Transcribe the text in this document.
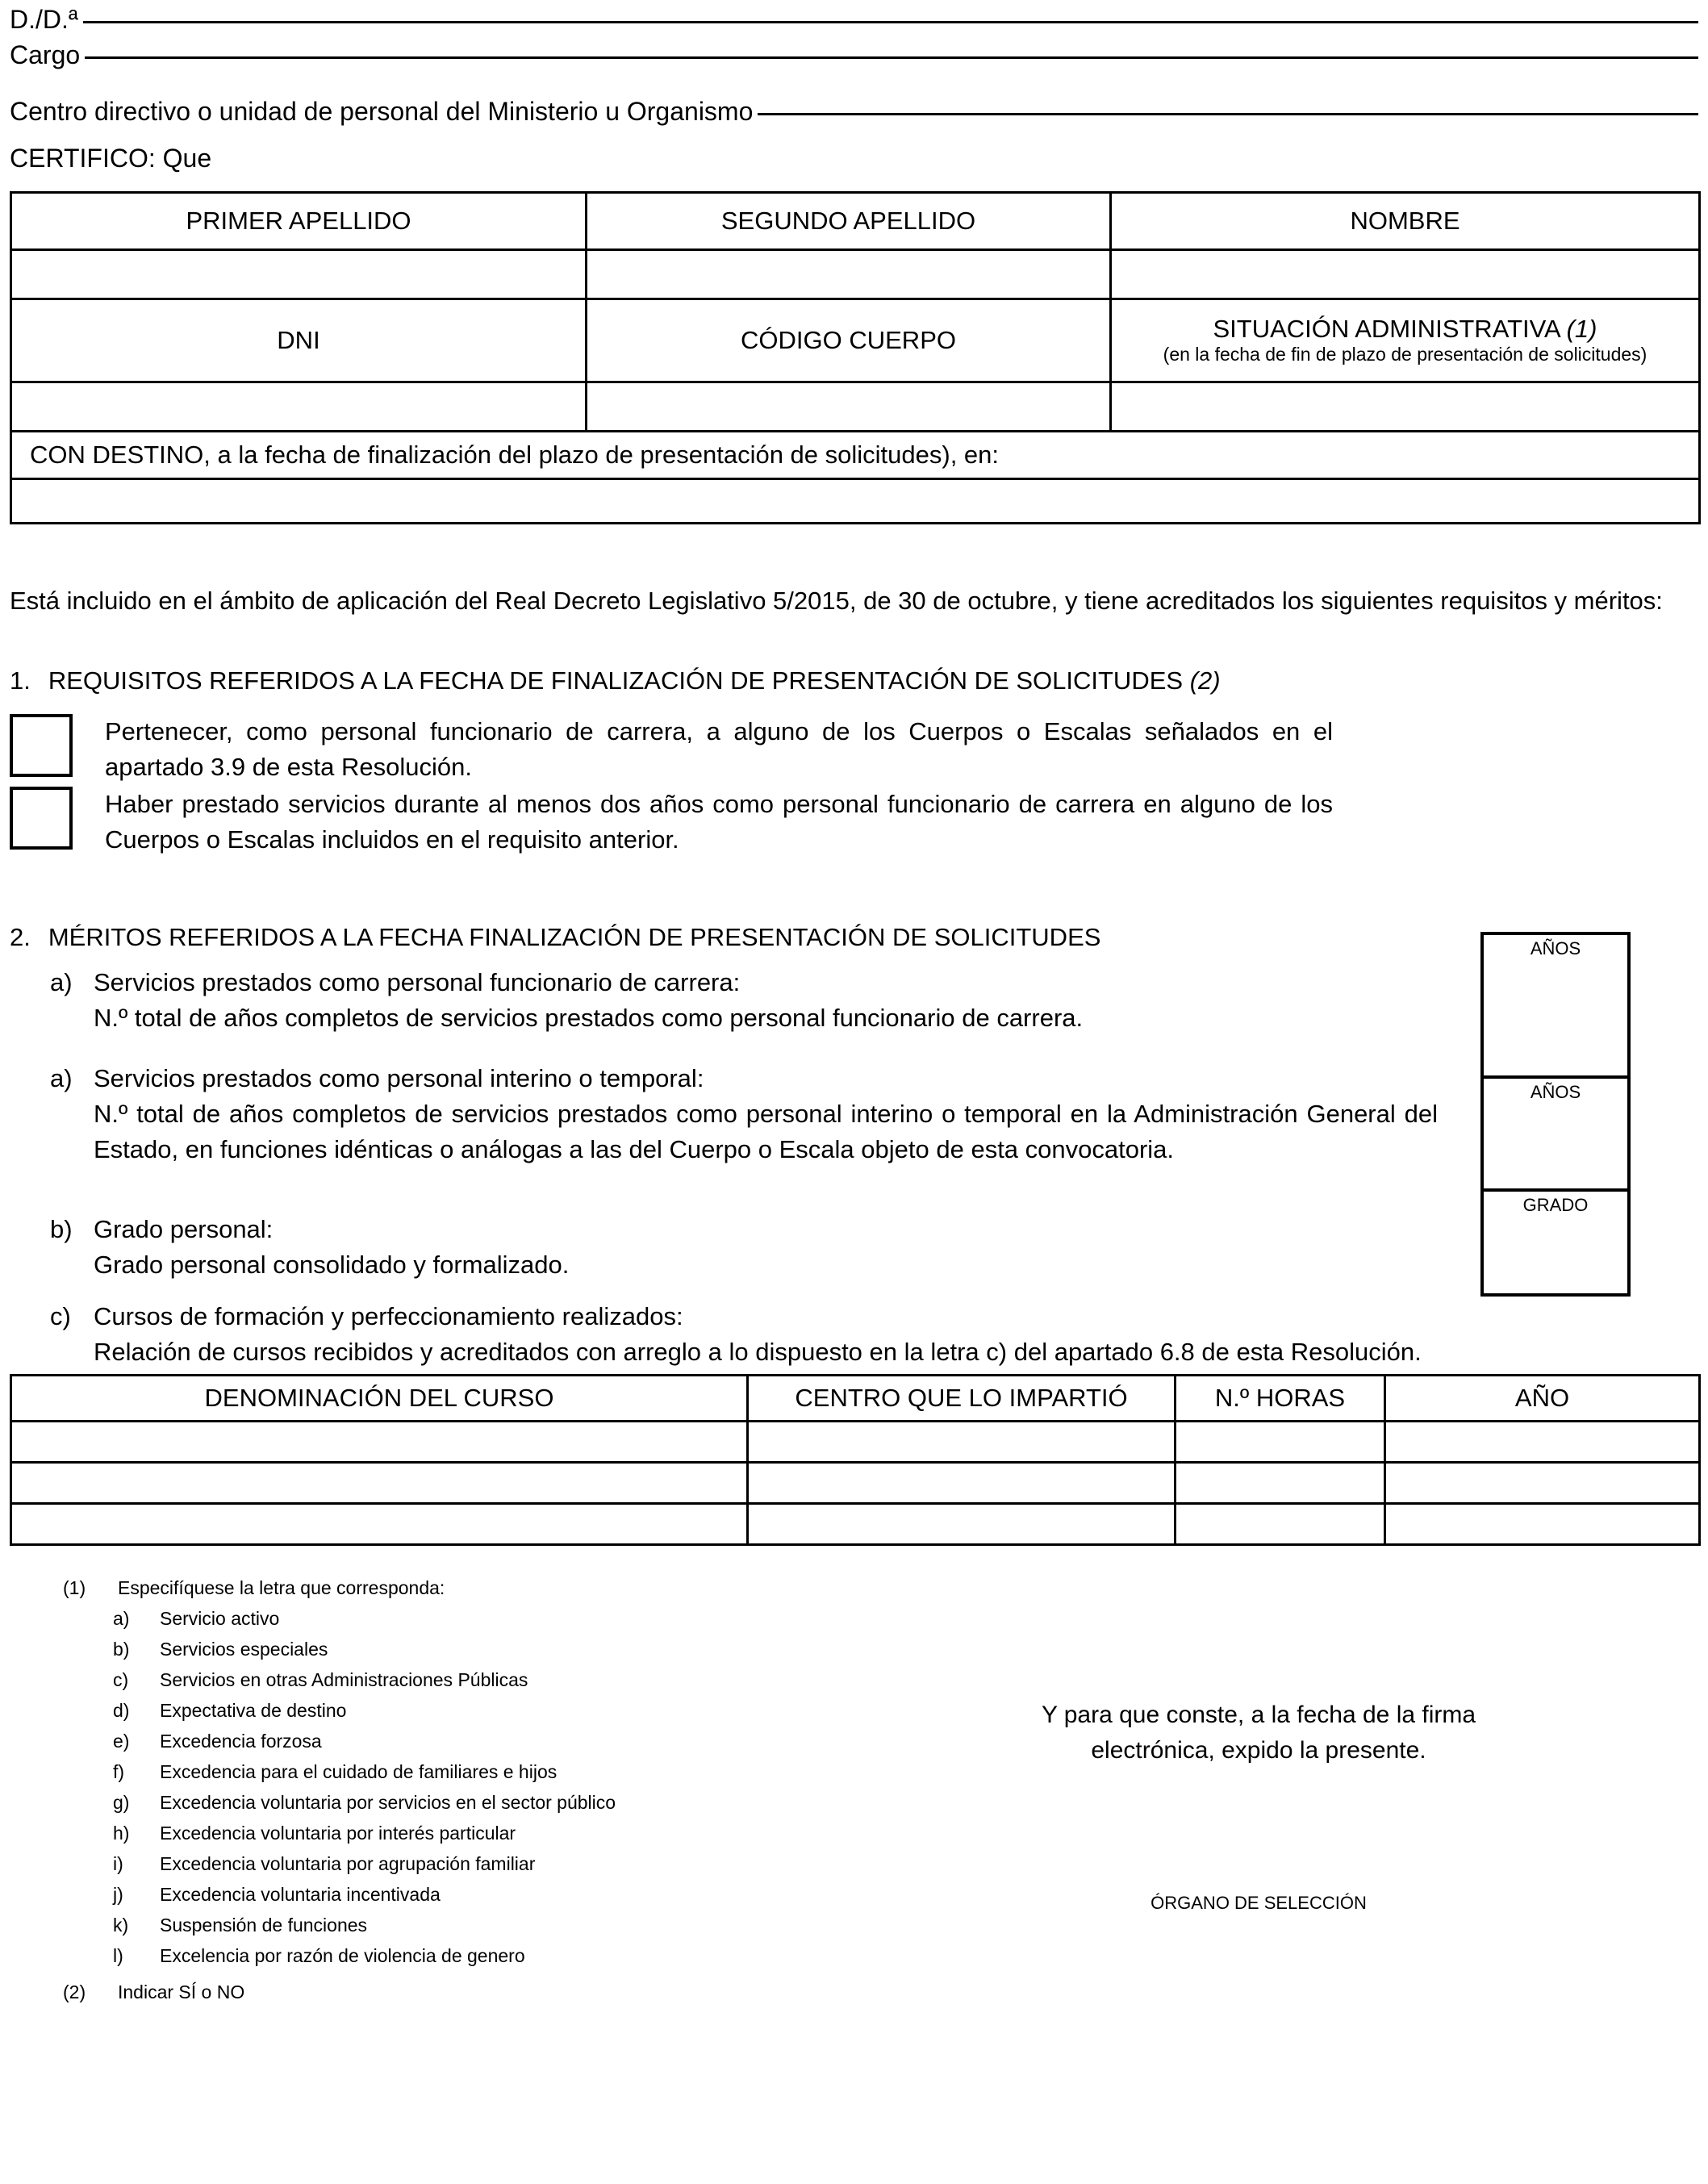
D./D.ª
Cargo
Centro directivo o unidad de personal del Ministerio u Organismo
CERTIFICO: Que
PRIMER APELLIDO	SEGUNDO APELLIDO	NOMBRE

DNI	CÓDIGO CUERPO	SITUACIÓN ADMINISTRATIVA (1)
(en la fecha de fin de plazo de presentación de solicitudes)

CON DESTINO, a la fecha de finalización del plazo de presentación de solicitudes), en:		

Está incluido en el ámbito de aplicación del Real Decreto Legislativo 5/2015, de 30 de octubre, y tiene acreditados los siguientes requisitos y méritos:
1. REQUISITOS REFERIDOS A LA FECHA DE FINALIZACIÓN DE PRESENTACIÓN DE SOLICITUDES (2)
Pertenecer, como personal funcionario de carrera, a alguno de los Cuerpos o Escalas señalados en el apartado 3.9 de esta Resolución.
Haber prestado servicios durante al menos dos años como personal funcionario de carrera en alguno de los Cuerpos o Escalas incluidos en el requisito anterior.
2. MÉRITOS REFERIDOS A LA FECHA FINALIZACIÓN DE PRESENTACIÓN DE SOLICITUDES
a) Servicios prestados como personal funcionario de carrera:
N.º total de años completos de servicios prestados como personal funcionario de carrera.
a) Servicios prestados como personal interino o temporal:
N.º total de años completos de servicios prestados como personal interino o temporal en la Administración General del Estado, en funciones idénticas o análogas a las del Cuerpo o Escala objeto de esta convocatoria.
b) Grado personal:
Grado personal consolidado y formalizado.
c) Cursos de formación y perfeccionamiento realizados:
Relación de cursos recibidos y acreditados con arreglo a lo dispuesto en la letra c) del apartado 6.8 de esta Resolución.
AÑOS
AÑOS
GRADO
DENOMINACIÓN DEL CURSO	CENTRO QUE LO IMPARTIÓ	N.º HORAS	AÑO

(1)	Especifíquese la letra que corresponda:
a)	Servicio activo
b)	Servicios especiales
c)	Servicios en otras Administraciones Públicas
d)	Expectativa de destino
e)	Excedencia forzosa
f)	Excedencia para el cuidado de familiares e hijos
g)	Excedencia voluntaria por servicios en el sector público
h)	Excedencia voluntaria por interés particular
i)	Excedencia voluntaria por agrupación familiar
j)	Excedencia voluntaria incentivada
k)	Suspensión de funciones
l)	Excelencia por razón de violencia de genero
(2)	Indicar SÍ o NO
Y para que conste, a la fecha de la firma
electrónica, expido la presente.
ÓRGANO DE SELECCIÓN
